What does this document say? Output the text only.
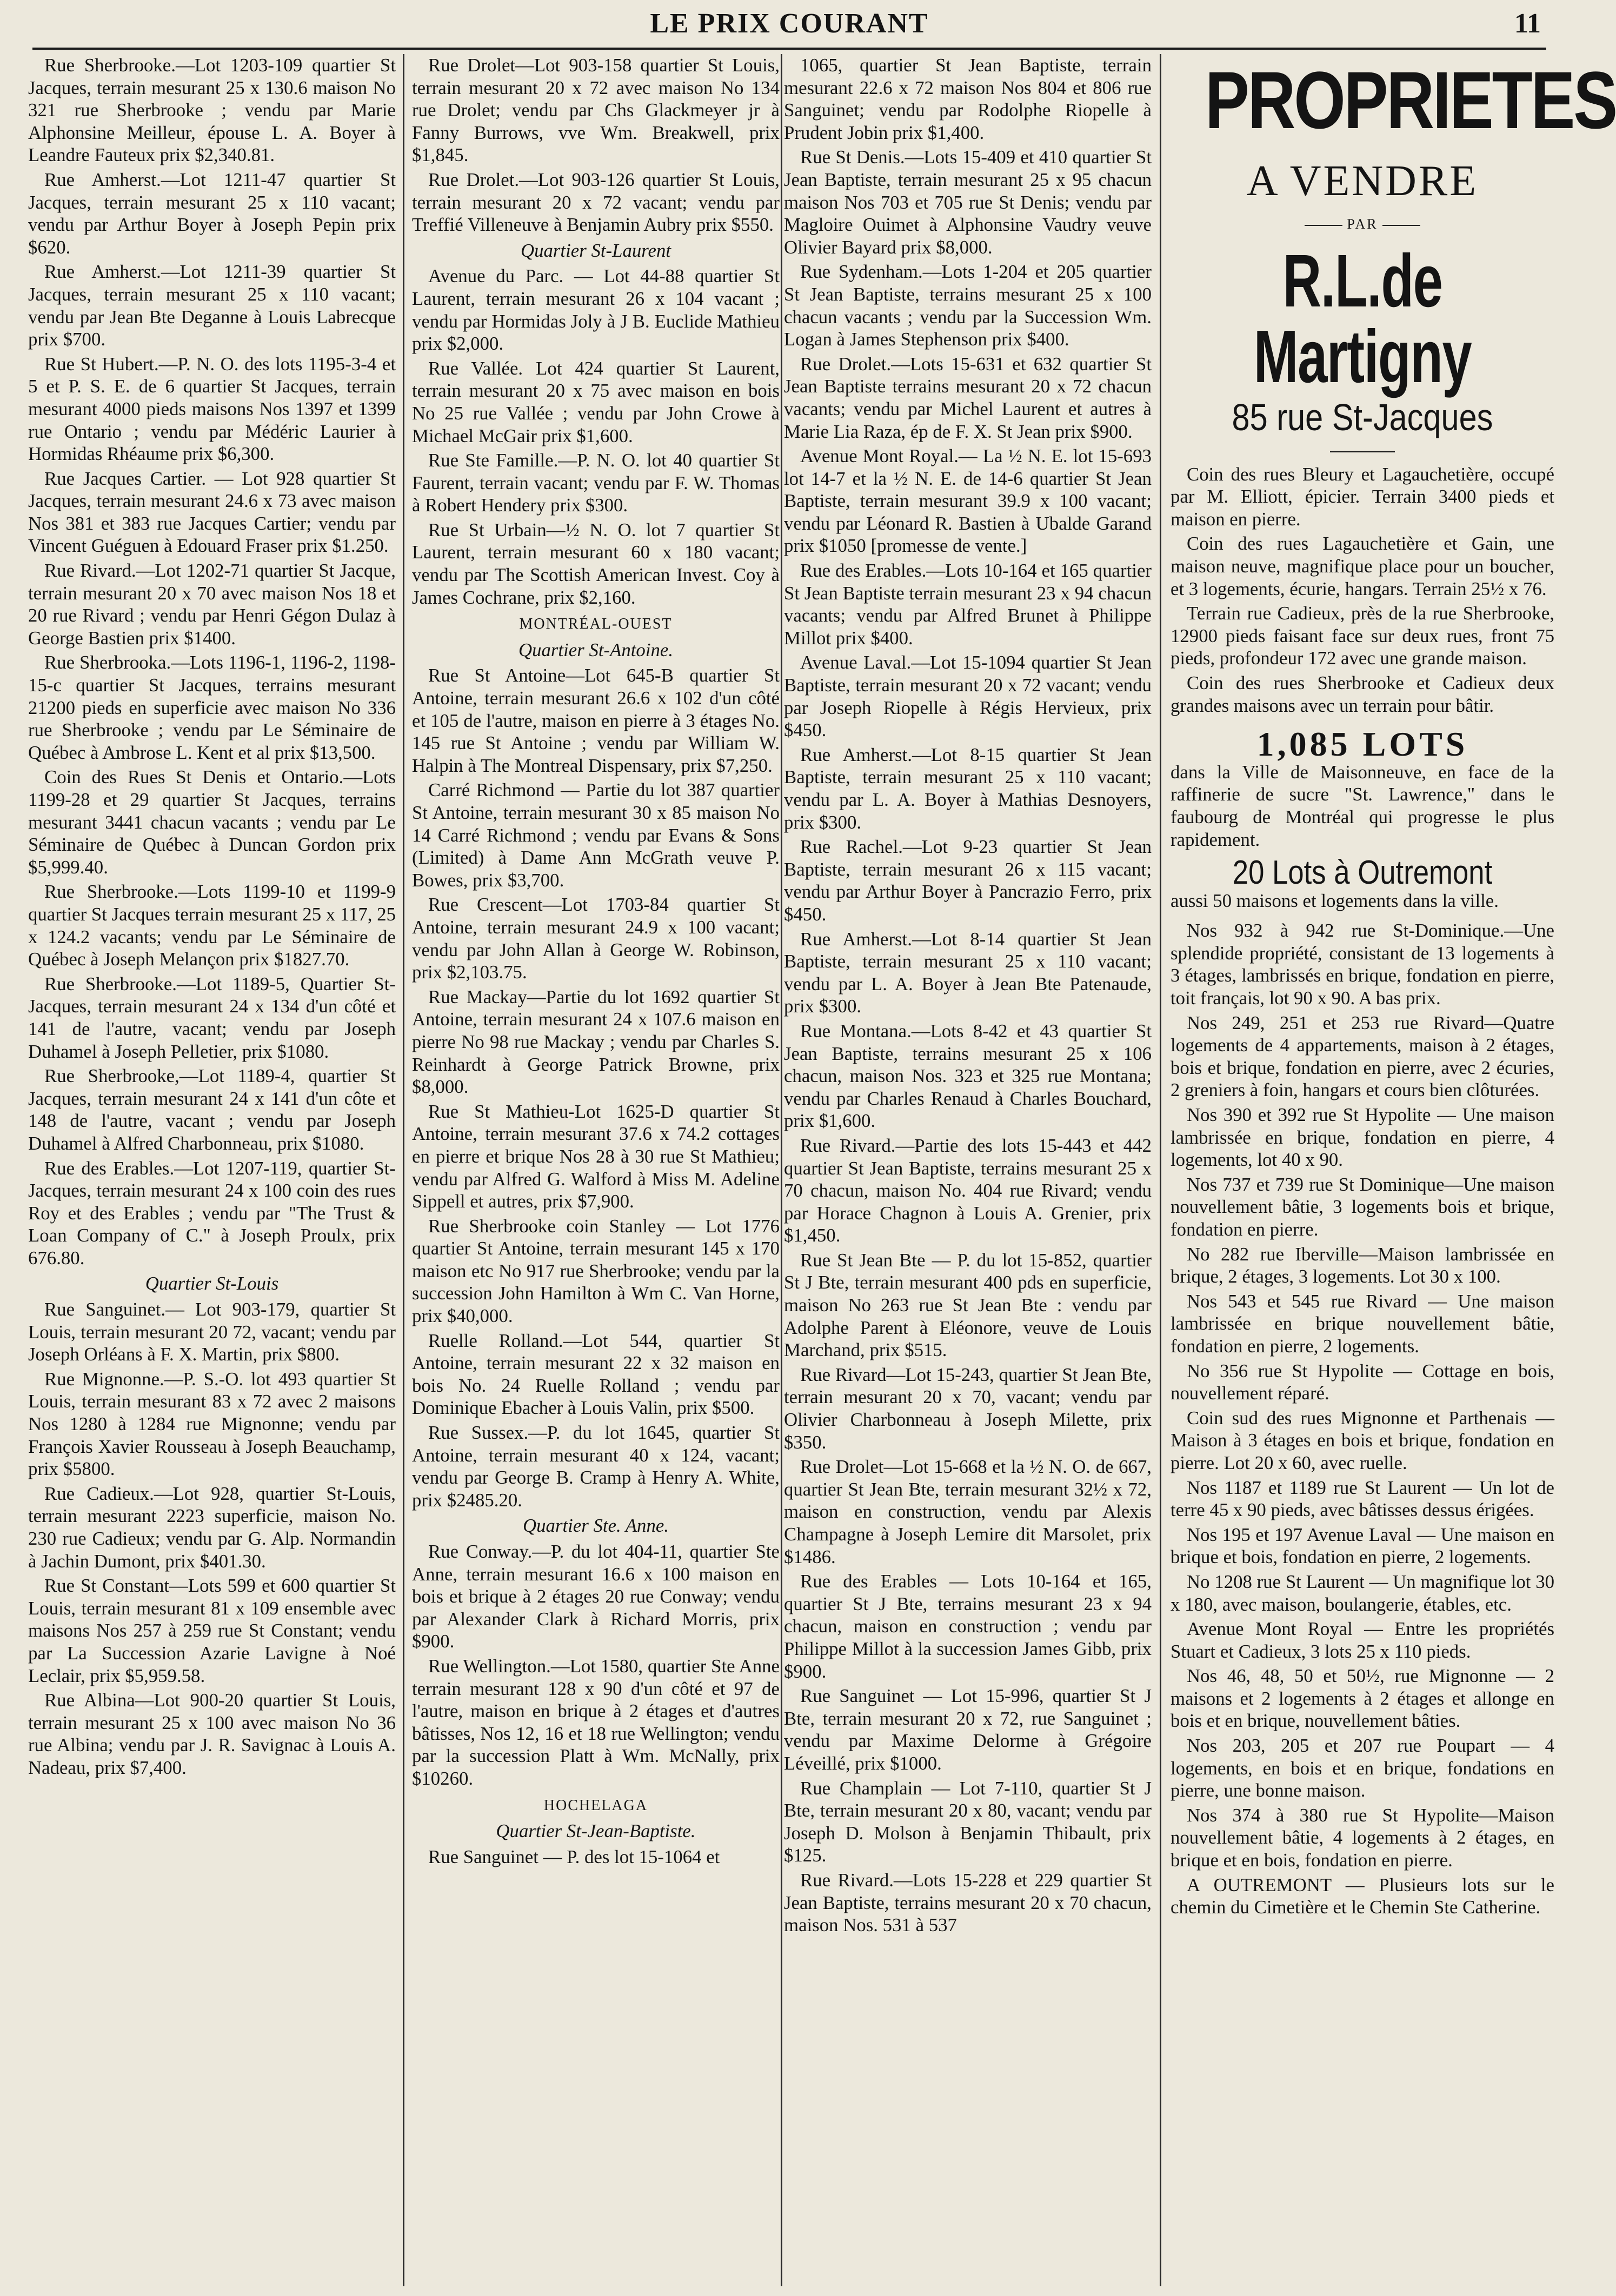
LE PRIX COURANT	11

Rue Sherbrooke.—Lot 1203-109 quartier St Jacques, terrain mesurant 25 x 130.6 maison No 321 rue Sherbrooke ; vendu par Marie Alphonsine Meilleur, épouse L. A. Boyer à Leandre Fauteux prix $2,340.81.

Rue Amherst.—Lot 1211-47 quartier St Jacques, terrain mesurant 25 x 110 vacant; vendu par Arthur Boyer à Joseph Pepin prix $620.

Rue Amherst.—Lot 1211-39 quartier St Jacques, terrain mesurant 25 x 110 vacant; vendu par Jean Bte Deganne à Louis Labrecque prix $700.

Rue St Hubert.—P. N. O. des lots 1195-3-4 et 5 et P. S. E. de 6 quartier St Jacques, terrain mesurant 4000 pieds maisons Nos 1397 et 1399 rue Ontario ; vendu par Médéric Laurier à Hormidas Rhéaume prix $6,300.

Rue Jacques Cartier. — Lot 928 quartier St Jacques, terrain mesurant 24.6 x 73 avec maison Nos 381 et 383 rue Jacques Cartier; vendu par Vincent Guéguen à Edouard Fraser prix $1.250.

Rue Rivard.—Lot 1202-71 quartier St Jacque, terrain mesurant 20 x 70 avec maison Nos 18 et 20 rue Rivard ; vendu par Henri Gégon Dulaz à George Bastien prix $1400.

Rue Sherbrooka.—Lots 1196-1, 1196-2, 1198-15-c quartier St Jacques, terrains mesurant 21200 pieds en superficie avec maison No 336 rue Sherbrooke ; vendu par Le Séminaire de Québec à Ambrose L. Kent et al prix $13,500.

Coin des Rues St Denis et Ontario.—Lots 1199-28 et 29 quartier St Jacques, terrains mesurant 3441 chacun vacants ; vendu par Le Séminaire de Québec à Duncan Gordon prix $5,999.40.

Rue Sherbrooke.—Lots 1199-10 et 1199-9 quartier St Jacques terrain mesurant 25 x 117, 25 x 124.2 vacants; vendu par Le Séminaire de Québec à Joseph Melançon prix $1827.70.

Rue Sherbrooke.—Lot 1189-5, Quartier St-Jacques, terrain mesurant 24 x 134 d'un côté et 141 de l'autre, vacant; vendu par Joseph Duhamel à Joseph Pelletier, prix $1080.

Rue Sherbrooke,—Lot 1189-4, quartier St Jacques, terrain mesurant 24 x 141 d'un côte et 148 de l'autre, vacant ; vendu par Joseph Duhamel à Alfred Charbonneau, prix $1080.

Rue des Erables.—Lot 1207-119, quartier St-Jacques, terrain mesurant 24 x 100 coin des rues Roy et des Erables ; vendu par "The Trust & Loan Company of C." à Joseph Proulx, prix 676.80.

Quartier St-Louis

Rue Sanguinet.— Lot 903-179, quartier St Louis, terrain mesurant 20 72, vacant; vendu par Joseph Orléans à F. X. Martin, prix $800.

Rue Mignonne.—P. S.-O. lot 493 quartier St Louis, terrain mesurant 83 x 72 avec 2 maisons Nos 1280 à 1284 rue Mignonne; vendu par François Xavier Rousseau à Joseph Beauchamp, prix $5800.

Rue Cadieux.—Lot 928, quartier St-Louis, terrain mesurant 2223 superficie, maison No. 230 rue Cadieux; vendu par G. Alp. Normandin à Jachin Dumont, prix $401.30.

Rue St Constant—Lots 599 et 600 quartier St Louis, terrain mesurant 81 x 109 ensemble avec maisons Nos 257 à 259 rue St Constant; vendu par La Succession Azarie Lavigne à Noé Leclair, prix $5,959.58.

Rue Albina—Lot 900-20 quartier St Louis, terrain mesurant 25 x 100 avec maison No 36 rue Albina; vendu par J. R. Savignac à Louis A. Nadeau, prix $7,400.

Rue Drolet—Lot 903-158 quartier St Louis, terrain mesurant 20 x 72 avec maison No 134 rue Drolet; vendu par Chs Glackmeyer jr à Fanny Burrows, vve Wm. Breakwell, prix $1,845.

Rue Drolet.—Lot 903-126 quartier St Louis, terrain mesurant 20 x 72 vacant; vendu par Treffié Villeneuve à Benjamin Aubry prix $550.

Quartier St-Laurent

Avenue du Parc. — Lot 44-88 quartier St Laurent, terrain mesurant 26 x 104 vacant ; vendu par Hormidas Joly à J B. Euclide Mathieu prix $2,000.

Rue Vallée. Lot 424 quartier St Laurent, terrain mesurant 20 x 75 avec maison en bois No 25 rue Vallée ; vendu par John Crowe à Michael McGair prix $1,600.

Rue Ste Famille.—P. N. O. lot 40 quartier St Faurent, terrain vacant; vendu par F. W. Thomas à Robert Hendery prix $300.

Rue St Urbain—½ N. O. lot 7 quartier St Laurent, terrain mesurant 60 x 180 vacant; vendu par The Scottish American Invest. Coy à James Cochrane, prix $2,160.

MONTRÉAL-OUEST

Quartier St-Antoine.

Rue St Antoine—Lot 645-B quartier St Antoine, terrain mesurant 26.6 x 102 d'un côté et 105 de l'autre, maison en pierre à 3 étages No. 145 rue St Antoine ; vendu par William W. Halpin à The Montreal Dispensary, prix $7,250.

Carré Richmond — Partie du lot 387 quartier St Antoine, terrain mesurant 30 x 85 maison No 14 Carré Richmond ; vendu par Evans & Sons (Limited) à Dame Ann McGrath veuve P. Bowes, prix $3,700.

Rue Crescent—Lot 1703-84 quartier St Antoine, terrain mesurant 24.9 x 100 vacant; vendu par John Allan à George W. Robinson, prix $2,103.75.

Rue Mackay—Partie du lot 1692 quartier St Antoine, terrain mesurant 24 x 107.6 maison en pierre No 98 rue Mackay ; vendu par Charles S. Reinhardt à George Patrick Browne, prix $8,000.

Rue St Mathieu-Lot 1625-D quartier St Antoine, terrain mesurant 37.6 x 74.2 cottages en pierre et brique Nos 28 à 30 rue St Mathieu; vendu par Alfred G. Walford à Miss M. Adeline Sippell et autres, prix $7,900.

Rue Sherbrooke coin Stanley — Lot 1776 quartier St Antoine, terrain mesurant 145 x 170 maison etc No 917 rue Sherbrooke; vendu par la succession John Hamilton à Wm C. Van Horne, prix $40,000.

Ruelle Rolland.—Lot 544, quartier St Antoine, terrain mesurant 22 x 32 maison en bois No. 24 Ruelle Rolland ; vendu par Dominique Ebacher à Louis Valin, prix $500.

Rue Sussex.—P. du lot 1645, quartier St Antoine, terrain mesurant 40 x 124, vacant; vendu par George B. Cramp à Henry A. White, prix $2485.20.

Quartier Ste. Anne.

Rue Conway.—P. du lot 404-11, quartier Ste Anne, terrain mesurant 16.6 x 100 maison en bois et brique à 2 étages 20 rue Conway; vendu par Alexander Clark à Richard Morris, prix $900.

Rue Wellington.—Lot 1580, quartier Ste Anne terrain mesurant 128 x 90 d'un côté et 97 de l'autre, maison en brique à 2 étages et d'autres bâtisses, Nos 12, 16 et 18 rue Wellington; vendu par la succession Platt à Wm. McNally, prix $10260.

HOCHELAGA

Quartier St-Jean-Baptiste.

Rue Sanguinet — P. des lot 15-1064 et

1065, quartier St Jean Baptiste, terrain mesurant 22.6 x 72 maison Nos 804 et 806 rue Sanguinet; vendu par Rodolphe Riopelle à Prudent Jobin prix $1,400.

Rue St Denis.—Lots 15-409 et 410 quartier St Jean Baptiste, terrain mesurant 25 x 95 chacun maison Nos 703 et 705 rue St Denis; vendu par Magloire Ouimet à Alphonsine Vaudry veuve Olivier Bayard prix $8,000.

Rue Sydenham.—Lots 1-204 et 205 quartier St Jean Baptiste, terrains mesurant 25 x 100 chacun vacants ; vendu par la Succession Wm. Logan à James Stephenson prix $400.

Rue Drolet.—Lots 15-631 et 632 quartier St Jean Baptiste terrains mesurant 20 x 72 chacun vacants; vendu par Michel Laurent et autres à Marie Lia Raza, ép de F. X. St Jean prix $900.

Avenue Mont Royal.— La ½ N. E. lot 15-693 lot 14-7 et la ½ N. E. de 14-6 quartier St Jean Baptiste, terrain mesurant 39.9 x 100 vacant; vendu par Léonard R. Bastien à Ubalde Garand prix $1050 [promesse de vente.]

Rue des Erables.—Lots 10-164 et 165 quartier St Jean Baptiste terrain mesurant 23 x 94 chacun vacants; vendu par Alfred Brunet à Philippe Millot prix $400.

Avenue Laval.—Lot 15-1094 quartier St Jean Baptiste, terrain mesurant 20 x 72 vacant; vendu par Joseph Riopelle à Régis Hervieux, prix $450.

Rue Amherst.—Lot 8-15 quartier St Jean Baptiste, terrain mesurant 25 x 110 vacant; vendu par L. A. Boyer à Mathias Desnoyers, prix $300.

Rue Rachel.—Lot 9-23 quartier St Jean Baptiste, terrain mesurant 26 x 115 vacant; vendu par Arthur Boyer à Pancrazio Ferro, prix $450.

Rue Amherst.—Lot 8-14 quartier St Jean Baptiste, terrain mesurant 25 x 110 vacant; vendu par L. A. Boyer à Jean Bte Patenaude, prix $300.

Rue Montana.—Lots 8-42 et 43 quartier St Jean Baptiste, terrains mesurant 25 x 106 chacun, maison Nos. 323 et 325 rue Montana; vendu par Charles Renaud à Charles Bouchard, prix $1,600.

Rue Rivard.—Partie des lots 15-443 et 442 quartier St Jean Baptiste, terrains mesurant 25 x 70 chacun, maison No. 404 rue Rivard; vendu par Horace Chagnon à Louis A. Grenier, prix $1,450.

Rue St Jean Bte — P. du lot 15-852, quartier St J Bte, terrain mesurant 400 pds en superficie, maison No 263 rue St Jean Bte : vendu par Adolphe Parent à Eléonore, veuve de Louis Marchand, prix $515.

Rue Rivard—Lot 15-243, quartier St Jean Bte, terrain mesurant 20 x 70, vacant; vendu par Olivier Charbonneau à Joseph Milette, prix $350.

Rue Drolet—Lot 15-668 et la ½ N. O. de 667, quartier St Jean Bte, terrain mesurant 32½ x 72, maison en construction, vendu par Alexis Champagne à Joseph Lemire dit Marsolet, prix $1486.

Rue des Erables — Lots 10-164 et 165, quartier St J Bte, terrains mesurant 23 x 94 chacun, maison en construction ; vendu par Philippe Millot à la succession James Gibb, prix $900.

Rue Sanguinet — Lot 15-996, quartier St J Bte, terrain mesurant 20 x 72, rue Sanguinet ; vendu par Maxime Delorme à Grégoire Léveillé, prix $1000.

Rue Champlain — Lot 7-110, quartier St J Bte, terrain mesurant 20 x 80, vacant; vendu par Joseph D. Molson à Benjamin Thibault, prix $125.

Rue Rivard.—Lots 15-228 et 229 quartier St Jean Baptiste, terrains mesurant 20 x 70 chacun, maison Nos. 531 à 537

PROPRIETES
A VENDRE
PAR
R.L.de Martigny
85 rue St-Jacques

Coin des rues Bleury et Lagauchetière, occupé par M. Elliott, épicier. Terrain 3400 pieds et maison en pierre.

Coin des rues Lagauchetière et Gain, une maison neuve, magnifique place pour un boucher, et 3 logements, écurie, hangars. Terrain 25½ x 76.

Terrain rue Cadieux, près de la rue Sherbrooke, 12900 pieds faisant face sur deux rues, front 75 pieds, profondeur 172 avec une grande maison.

Coin des rues Sherbrooke et Cadieux deux grandes maisons avec un terrain pour bâtir.

1,085 LOTS

dans la Ville de Maisonneuve, en face de la raffinerie de sucre "St. Lawrence," dans le faubourg de Montréal qui progresse le plus rapidement.

20 Lots à Outremont

aussi 50 maisons et logements dans la ville.

Nos 932 à 942 rue St-Dominique.—Une splendide propriété, consistant de 13 logements à 3 étages, lambrissés en brique, fondation en pierre, toit français, lot 90 x 90. A bas prix.

Nos 249, 251 et 253 rue Rivard—Quatre logements de 4 appartements, maison à 2 étages, bois et brique, fondation en pierre, avec 2 écuries, 2 greniers à foin, hangars et cours bien clôturées.

Nos 390 et 392 rue St Hypolite — Une maison lambrissée en brique, fondation en pierre, 4 logements, lot 40 x 90.

Nos 737 et 739 rue St Dominique—Une maison nouvellement bâtie, 3 logements bois et brique, fondation en pierre.

No 282 rue Iberville—Maison lambrissée en brique, 2 étages, 3 logements. Lot 30 x 100.

Nos 543 et 545 rue Rivard — Une maison lambrissée en brique nouvellement bâtie, fondation en pierre, 2 logements.

No 356 rue St Hypolite — Cottage en bois, nouvellement réparé.

Coin sud des rues Mignonne et Parthenais — Maison à 3 étages en bois et brique, fondation en pierre. Lot 20 x 60, avec ruelle.

Nos 1187 et 1189 rue St Laurent — Un lot de terre 45 x 90 pieds, avec bâtisses dessus érigées.

Nos 195 et 197 Avenue Laval — Une maison en brique et bois, fondation en pierre, 2 logements.

No 1208 rue St Laurent — Un magnifique lot 30 x 180, avec maison, boulangerie, étables, etc.

Avenue Mont Royal — Entre les propriétés Stuart et Cadieux, 3 lots 25 x 110 pieds.

Nos 46, 48, 50 et 50½, rue Mignonne — 2 maisons et 2 logements à 2 étages et allonge en bois et en brique, nouvellement bâties.

Nos 203, 205 et 207 rue Poupart — 4 logements, en bois et en brique, fondations en pierre, une bonne maison.

Nos 374 à 380 rue St Hypolite—Maison nouvellement bâtie, 4 logements à 2 étages, en brique et en bois, fondation en pierre.

A OUTREMONT — Plusieurs lots sur le chemin du Cimetière et le Chemin Ste Catherine.
